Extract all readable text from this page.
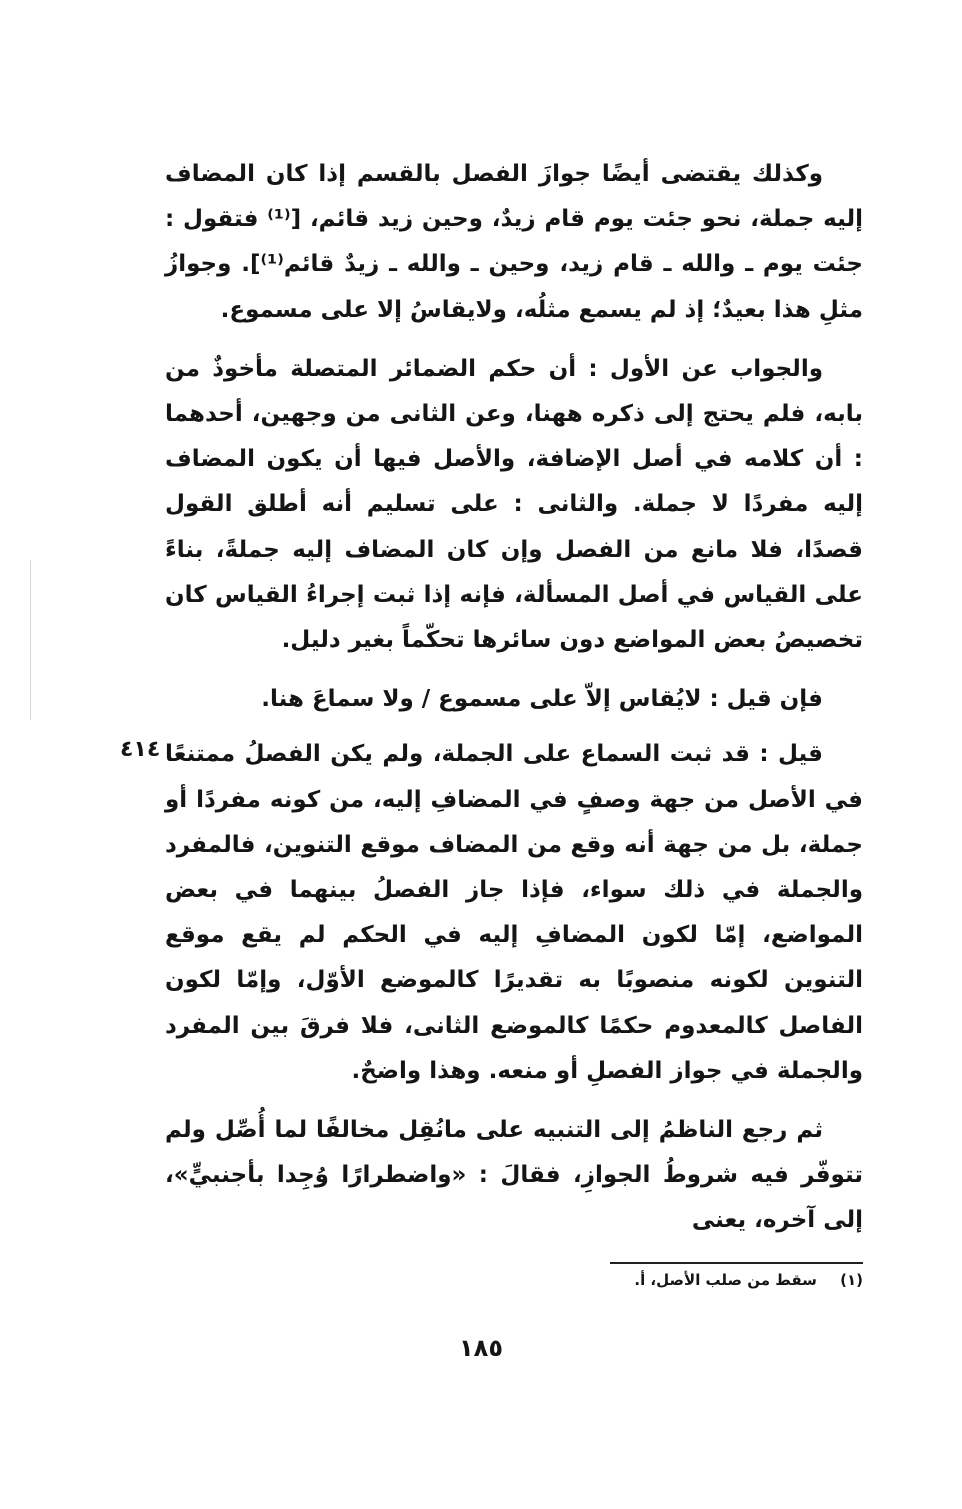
وكذلك يقتضى أيضًا جوازَ الفصل بالقسم إذا كان المضاف إليه جملة، نحو جئت يوم قام زيدٌ، وحين زيد قائم، [⁽¹⁾ فتقول : جئت يوم ـ والله ـ قام زيد، وحين ـ والله ـ زيدٌ قائم⁽¹⁾]. وجوازُ مثلِ هذا بعيدٌ؛ إذ لم يسمع مثلُه، ولايقاسُ إلا على مسموع.

والجواب عن الأول : أن حكم الضمائر المتصلة مأخوذٌ من بابه، فلم يحتج إلى ذكره ههنا، وعن الثانى من وجهين، أحدهما : أن كلامه في أصل الإضافة، والأصل فيها أن يكون المضاف إليه مفردًا لا جملة. والثانى : على تسليم أنه أطلق القول قصدًا، فلا مانع من الفصل وإن كان المضاف إليه جملةً، بناءً على القياس في أصل المسألة، فإنه إذا ثبت إجراءُ القياس كان تخصيصُ بعض المواضع دون سائرها تحكّماً بغير دليل.

فإن قيل : لايُقاس إلاّ على مسموع / ولا سماعَ هنا.

قيل : قد ثبت السماع على الجملة، ولم يكن الفصلُ ممتنعًا في الأصل من جهة وصفٍ في المضافِ إليه، من كونه مفردًا أو جملة، بل من جهة أنه وقع من المضاف موقع التنوين، فالمفرد والجملة في ذلك سواء، فإذا جاز الفصلُ بينهما في بعض المواضع، إمّا لكون المضافِ إليه في الحكم لم يقع موقع التنوين لكونه منصوبًا به تقديرًا كالموضع الأوّل، وإمّا لكون الفاصل كالمعدوم حكمًا كالموضع الثانى، فلا فرقَ بين المفرد والجملة في جواز الفصلِ أو منعه. وهذا واضحٌ.

ثم رجع الناظمُ إلى التنبيه على مانُقِل مخالفًا لما أُصِّل ولم تتوفّر فيه شروطُ الجوازِ، فقالَ : «واضطرارًا وُجِدا بأجنبيٍّ»، إلى آخره، يعنى

٤١٤
(١) سقط من صلب الأصل، أ.
١٨٥
